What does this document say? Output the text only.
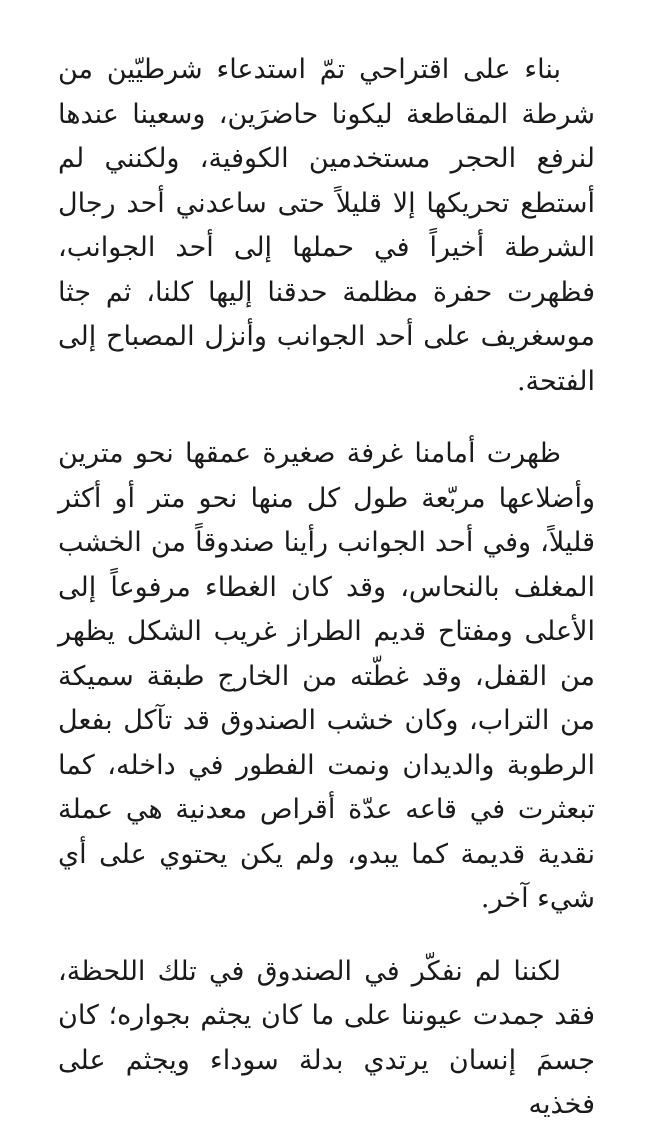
بناء على اقتراحي تمّ استدعاء شرطيّين من شرطة المقاطعة ليكونا حاضرَين، وسعينا عندها لنرفع الحجر مستخدمين الكوفية، ولكنني لم أستطع تحريكها إلا قليلاً حتى ساعدني أحد رجال الشرطة أخيراً في حملها إلى أحد الجوانب، فظهرت حفرة مظلمة حدقنا إليها كلنا، ثم جثا موسغريف على أحد الجوانب وأنزل المصباح إلى الفتحة.

ظهرت أمامنا غرفة صغيرة عمقها نحو مترين وأضلاعها مربّعة طول كل منها نحو متر أو أكثر قليلاً، وفي أحد الجوانب رأينا صندوقاً من الخشب المغلف بالنحاس، وقد كان الغطاء مرفوعاً إلى الأعلى ومفتاح قديم الطراز غريب الشكل يظهر من القفل، وقد غطّته من الخارج طبقة سميكة من التراب، وكان خشب الصندوق قد تآكل بفعل الرطوبة والديدان ونمت الفطور في داخله، كما تبعثرت في قاعه عدّة أقراص معدنية هي عملة نقدية قديمة كما يبدو، ولم يكن يحتوي على أي شيء آخر.

لكننا لم نفكّر في الصندوق في تلك اللحظة، فقد جمدت عيوننا على ما كان يجثم بجواره؛ كان جسمَ إنسان يرتدي بدلة سوداء ويجثم على فخذيه
